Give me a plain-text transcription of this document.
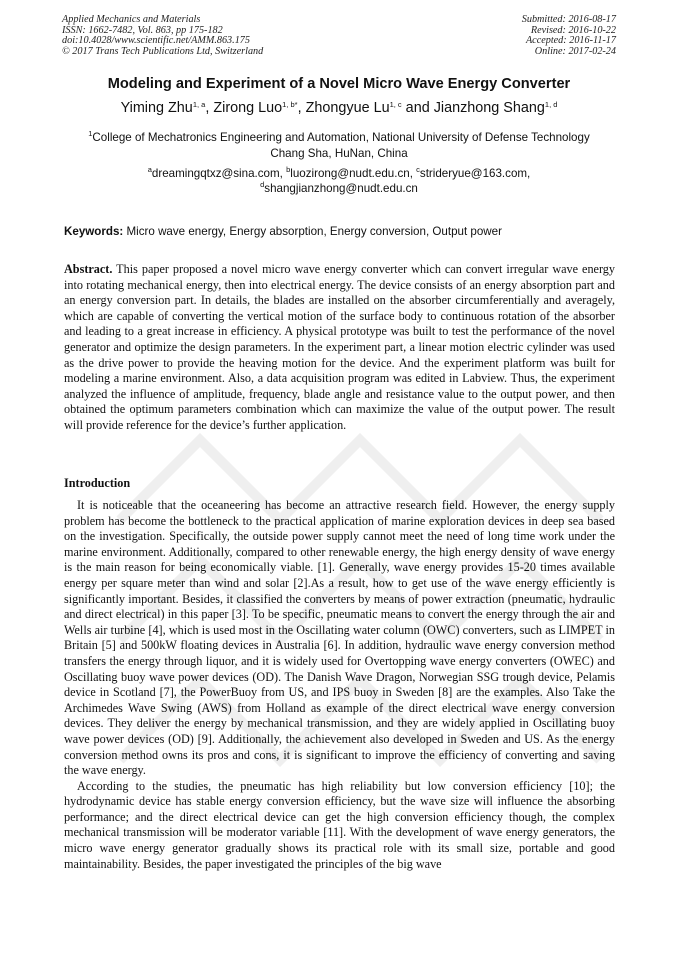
Applied Mechanics and Materials
ISSN: 1662-7482, Vol. 863, pp 175-182
doi:10.4028/www.scientific.net/AMM.863.175
© 2017 Trans Tech Publications Ltd, Switzerland
Submitted: 2016-08-17
Revised: 2016-10-22
Accepted: 2016-11-17
Online: 2017-02-24
Modeling and Experiment of a Novel Micro Wave Energy Converter
Yiming Zhu$^{1, a}$, Zirong Luo$^{1, b*}$, Zhongyue Lu$^{1, c}$ and Jianzhong Shang$^{1, d}$
$^1$College of Mechatronics Engineering and Automation, National University of Defense Technology
Chang Sha, HuNan, China
$^a$dreamingqtxz@sina.com, $^b$luozirong@nudt.edu.cn, $^c$strideryue@163.com,
$^d$shangjianzhong@nudt.edu.cn
Keywords: Micro wave energy, Energy absorption, Energy conversion, Output power
Abstract. This paper proposed a novel micro wave energy converter which can convert irregular wave energy into rotating mechanical energy, then into electrical energy. The device consists of an energy absorption part and an energy conversion part. In details, the blades are installed on the absorber circumferentially and averagely, which are capable of converting the vertical motion of the surface body to continuous rotation of the absorber and leading to a great increase in efficiency. A physical prototype was built to test the performance of the novel generator and optimize the design parameters. In the experiment part, a linear motion electric cylinder was used as the drive power to provide the heaving motion for the device. And the experiment platform was built for modeling a marine environment. Also, a data acquisition program was edited in Labview. Thus, the experiment analyzed the influence of amplitude, frequency, blade angle and resistance value to the output power, and then obtained the optimum parameters combination which can maximize the value of the output power. The result will provide reference for the device’s further application.
Introduction

It is noticeable that the oceaneering has become an attractive research field. However, the energy supply problem has become the bottleneck to the practical application of marine exploration devices in deep sea based on the investigation. Specifically, the outside power supply cannot meet the need of long time work under the marine environment. Additionally, compared to other renewable energy, the high energy density of wave energy is the main reason for being economically viable. [1]. Generally, wave energy provides 15-20 times available energy per square meter than wind and solar [2].As a result, how to get use of the wave energy efficiently is significantly important. Besides, it classified the converters by means of power extraction (pneumatic, hydraulic and direct electrical) in this paper [3]. To be specific, pneumatic means to convert the energy through the air and Wells air turbine [4], which is used most in the Oscillating water column (OWC) converters, such as LIMPET in Britain [5] and 500kW floating devices in Australia [6]. In addition, hydraulic wave energy conversion method transfers the energy through liquor, and it is widely used for Overtopping wave energy converters (OWEC) and Oscillating buoy wave power devices (OD). The Danish Wave Dragon, Norwegian SSG trough device, Pelamis device in Scotland [7], the PowerBuoy from US, and IPS buoy in Sweden [8] are the examples. Also Take the Archimedes Wave Swing (AWS) from Holland as example of the direct electrical wave energy conversion devices. They deliver the energy by mechanical transmission, and they are widely applied in Oscillating buoy wave power devices (OD) [9]. Additionally, the achievement also developed in Sweden and US. As the energy conversion method owns its pros and cons, it is significant to improve the efficiency of converting and saving the wave energy.

According to the studies, the pneumatic has high reliability but low conversion efficiency [10]; the hydrodynamic device has stable energy conversion efficiency, but the wave size will influence the absorbing performance; and the direct electrical device can get the high conversion efficiency though, the complex mechanical transmission will be moderator variable [11]. With the development of wave energy generators, the micro wave energy generator gradually shows its practical role with its small size, portable and good maintainability. Besides, the paper investigated the principles of the big wave
